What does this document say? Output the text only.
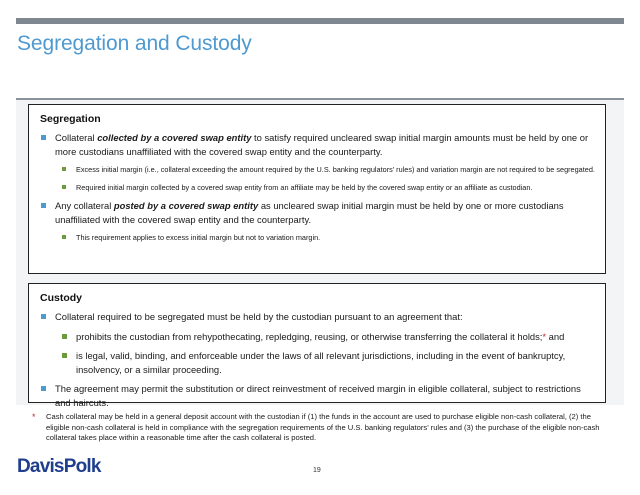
Segregation and Custody
Segregation
Collateral collected by a covered swap entity to satisfy required uncleared swap initial margin amounts must be held by one or more custodians unaffiliated with the covered swap entity and the counterparty.
Excess initial margin (i.e., collateral exceeding the amount required by the U.S. banking regulators’ rules) and variation margin are not required to be segregated.
Required initial margin collected by a covered swap entity from an affiliate may be held by the covered swap entity or an affiliate as custodian.
Any collateral posted by a covered swap entity as uncleared swap initial margin must be held by one or more custodians unaffiliated with the covered swap entity and the counterparty.
This requirement applies to excess initial margin but not to variation margin.
Custody
Collateral required to be segregated must be held by the custodian pursuant to an agreement that:
prohibits the custodian from rehypothecating, repledging, reusing, or otherwise transferring the collateral it holds;* and
is legal, valid, binding, and enforceable under the laws of all relevant jurisdictions, including in the event of bankruptcy, insolvency, or a similar proceeding.
The agreement may permit the substitution or direct reinvestment of received margin in eligible collateral, subject to restrictions and haircuts.
* Cash collateral may be held in a general deposit account with the custodian if (1) the funds in the account are used to purchase eligible non-cash collateral, (2) the eligible non-cash collateral is held in compliance with the segregation requirements of the U.S. banking regulators’ rules and (3) the purchase of the eligible non-cash collateral takes place within a reasonable time after the cash collateral is posted.
DavisPolk	19
